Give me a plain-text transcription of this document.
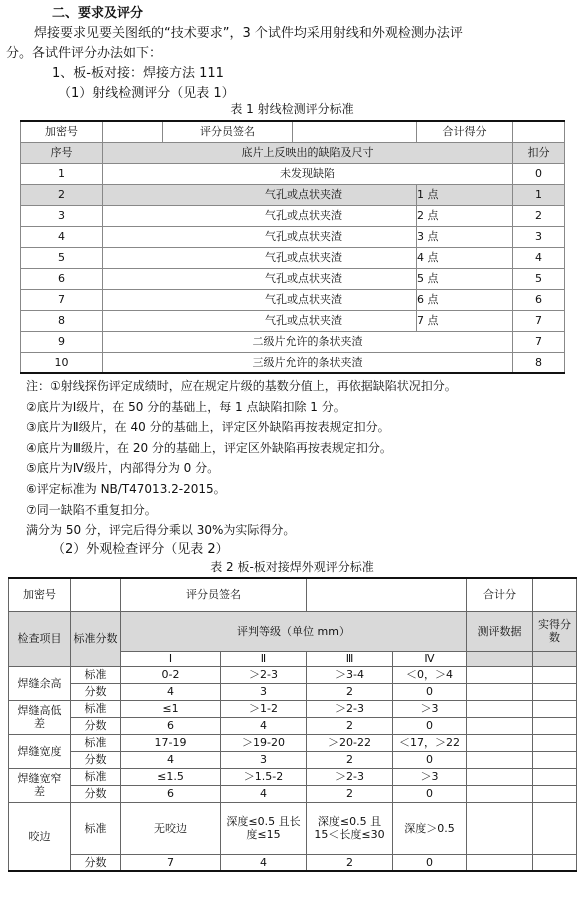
二、要求及评分
焊接要求见要关图纸的“技术要求”，3 个试件均采用射线和外观检测办法评
分。各试件评分办法如下：
1、板-板对接：焊接方法 111
（1）射线检测评分（见表 1）
表 1 射线检测评分标准
加密号		评分员签名		合计得分	
序号	底片上反映出的缺陷及尺寸				扣分
1	未发现缺陷				0
2	气孔或点状夹渣			1 点	1
3	气孔或点状夹渣			2 点	2
4	气孔或点状夹渣			3 点	3
5	气孔或点状夹渣			4 点	4
6	气孔或点状夹渣			5 点	5
7	气孔或点状夹渣			6 点	6
8	气孔或点状夹渣			7 点	7
9	二级片允许的条状夹渣				7
10	三级片允许的条状夹渣				8
注：①射线探伤评定成绩时，应在规定片级的基数分值上，再依据缺陷状况扣分。
②底片为Ⅰ级片，在 50 分的基础上，每 1 点缺陷扣除 1 分。
③底片为Ⅱ级片，在 40 分的基础上，评定区外缺陷再按表规定扣分。
④底片为Ⅲ级片，在 20 分的基础上，评定区外缺陷再按表规定扣分。
⑤底片为Ⅳ级片，内部得分为 0 分。
⑥评定标准为 NB/T47013.2-2015。
⑦同一缺陷不重复扣分。
满分为 50 分，评完后得分乘以 30%为实际得分。
（2）外观检查评分（见表 2）
表 2 板-板对接焊外观评分标准
加密号		评分员签名				合计分	
检查项目	标准分数	评判等级（单位 mm）				测评数据	实得分数
		Ⅰ	Ⅱ	Ⅲ	Ⅳ		
焊缝余高	标准	0-2	＞2-3	＞3-4	＜0，＞4		
	分数	4	3	2	0		
焊缝高低差	标准	≤1	＞1-2	＞2-3	＞3		
	分数	6	4	2	0		
焊缝宽度	标准	17-19	＞19-20	＞20-22	＜17，＞22		
	分数	4	3	2	0		
焊缝宽窄差	标准	≤1.5	＞1.5-2	＞2-3	＞3		
	分数	6	4	2	0		
咬边	标准	无咬边	深度≤0.5 且长度≤15	深度≤0.5 且 15＜长度≤30	深度＞0.5		
	分数	7	4	2	0		
